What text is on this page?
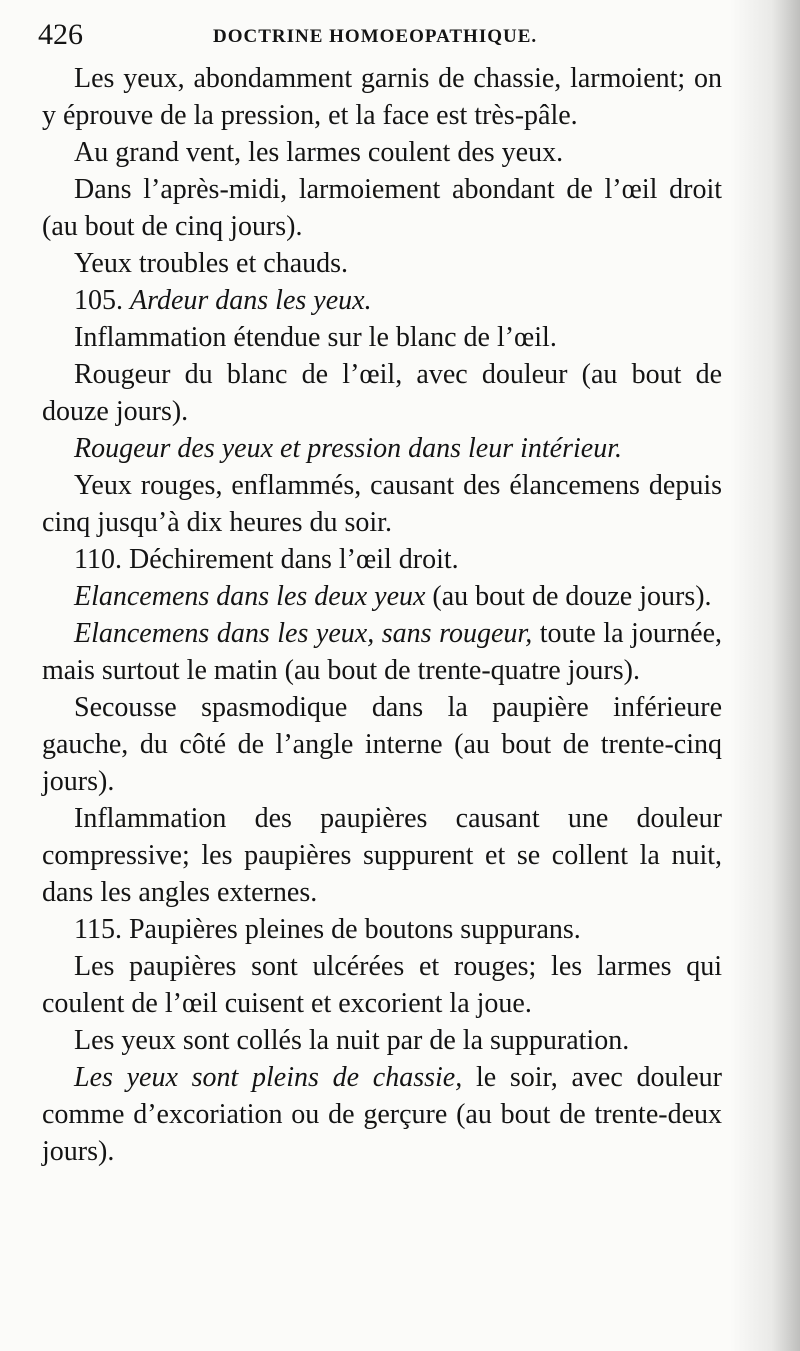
426	DOCTRINE HOMOEOPATHIQUE.

Les yeux, abondamment garnis de chassie, larmoient; on y éprouve de la pression, et la face est très-pâle.

Au grand vent, les larmes coulent des yeux.

Dans l’après-midi, larmoiement abondant de l’œil droit (au bout de cinq jours).

Yeux troubles et chauds.

105. Ardeur dans les yeux.

Inflammation étendue sur le blanc de l’œil.

Rougeur du blanc de l’œil, avec douleur (au bout de douze jours).

Rougeur des yeux et pression dans leur intérieur.

Yeux rouges, enflammés, causant des élancemens depuis cinq jusqu’à dix heures du soir.

110. Déchirement dans l’œil droit.

Elancemens dans les deux yeux (au bout de douze jours).

Elancemens dans les yeux, sans rougeur, toute la journée, mais surtout le matin (au bout de trente-quatre jours).

Secousse spasmodique dans la paupière inférieure gauche, du côté de l’angle interne (au bout de trente-cinq jours).

Inflammation des paupières causant une douleur compressive; les paupières suppurent et se collent la nuit, dans les angles externes.

115. Paupières pleines de boutons suppurans.

Les paupières sont ulcérées et rouges; les larmes qui coulent de l’œil cuisent et excorient la joue.

Les yeux sont collés la nuit par de la suppuration.

Les yeux sont pleins de chassie, le soir, avec douleur comme d’excoriation ou de gerçure (au bout de trente-deux jours).
